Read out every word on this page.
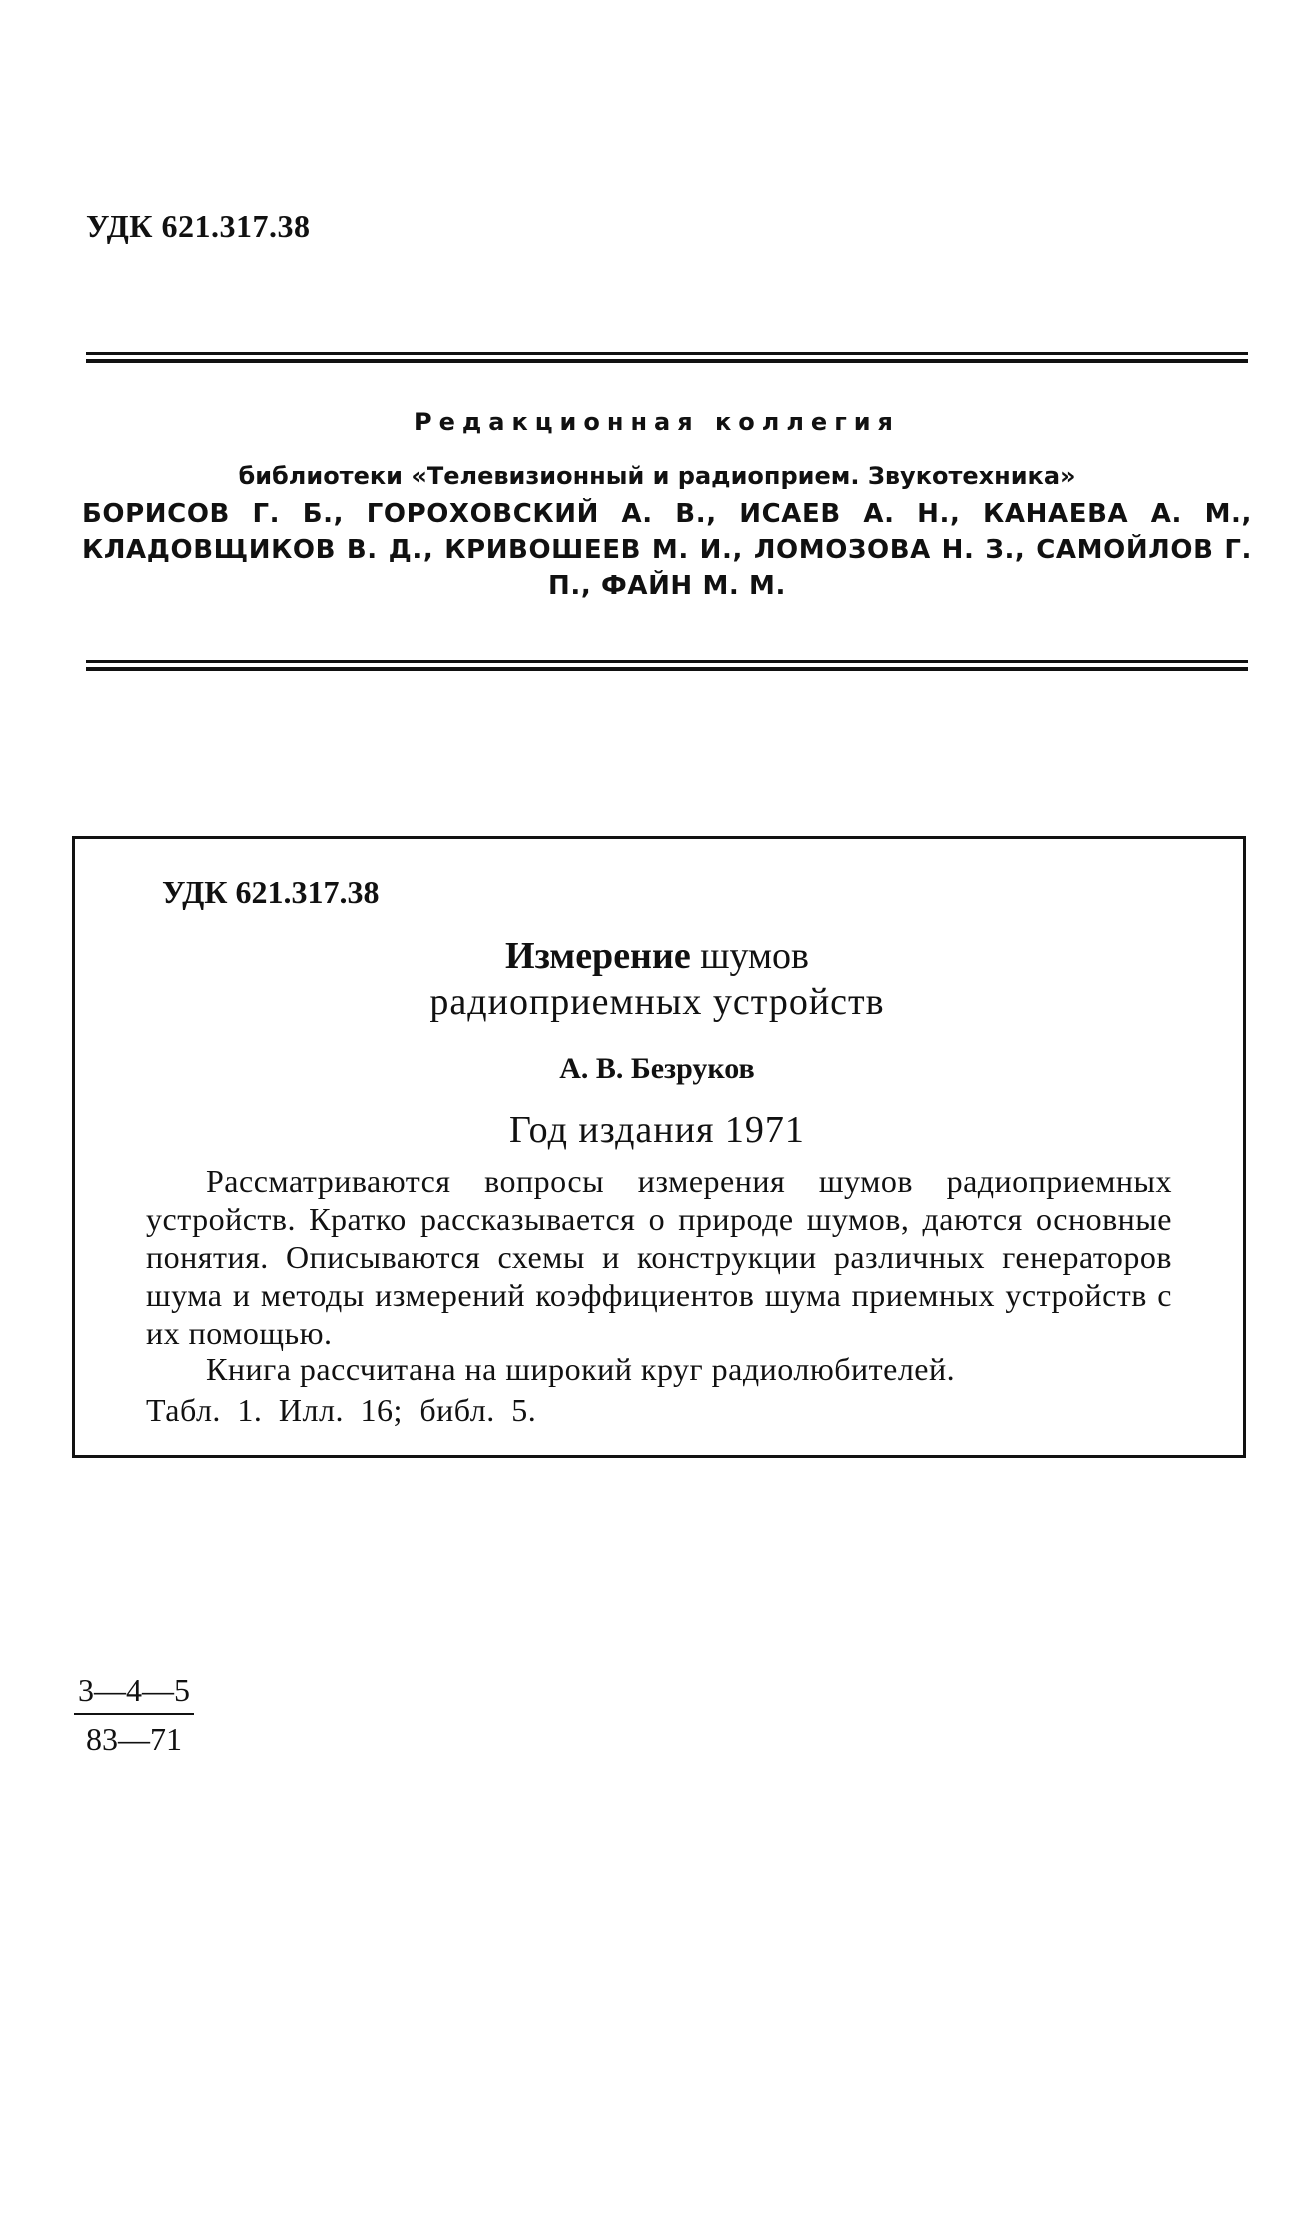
УДК 621.317.38
Редакционная коллегия
библиотеки «Телевизионный и радиоприем. Звукотехника»
БОРИСОВ Г. Б., ГОРОХОВСКИЙ А. В., ИСАЕВ А. Н., КАНАЕВА А. М., КЛАДОВЩИКОВ В. Д., КРИВОШЕЕВ М. И., ЛОМОЗОВА Н. З., САМОЙЛОВ Г. П., ФАЙН М. М.
УДК 621.317.38
Измерение шумов
радиоприемных устройств
А. В. Безруков
Год издания 1971
Рассматриваются вопросы измерения шумов радиоприемных устройств. Кратко рассказывается о природе шумов, даются основные понятия. Описываются схемы и конструкции различных генераторов шума и методы измерений коэффициентов шума приемных устройств с их помощью.
Книга рассчитана на широкий круг радиолюбителей.
Табл. 1. Илл. 16; библ. 5.
3—4—5
83—71
